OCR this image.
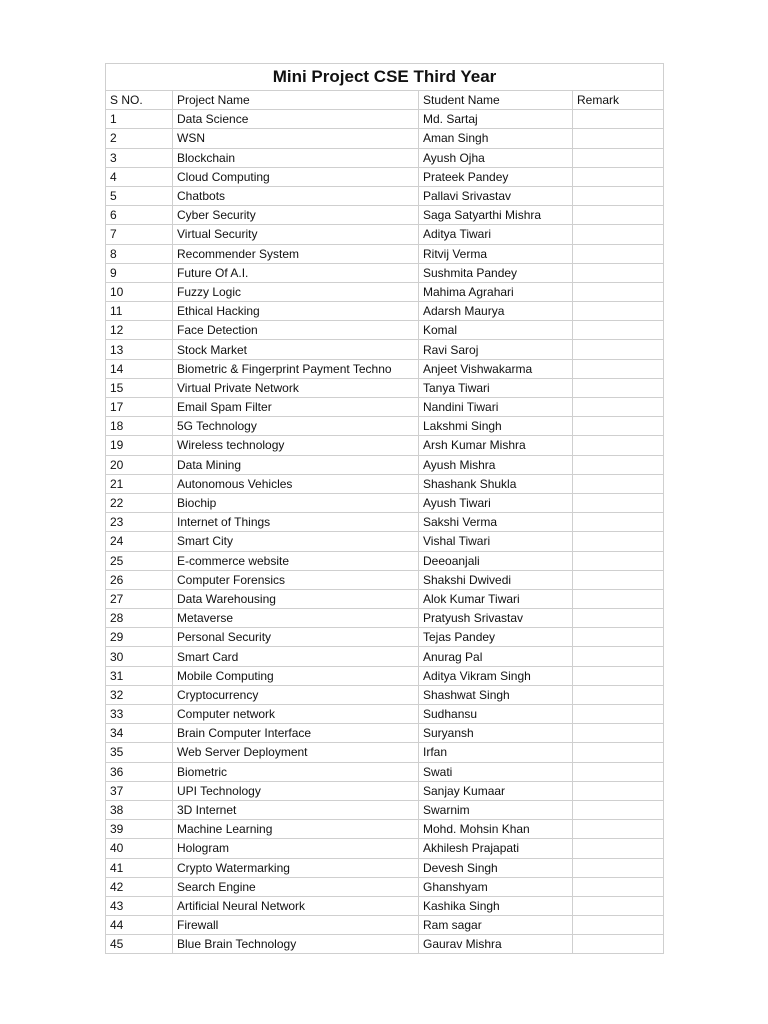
Mini Project CSE Third Year			
S NO.	Project Name	Student Name	Remark
1	Data Science	Md. Sartaj	
2	WSN	Aman Singh	
3	Blockchain	Ayush Ojha	
4	Cloud Computing	Prateek Pandey	
5	Chatbots	Pallavi Srivastav	
6	Cyber Security	Saga Satyarthi Mishra	
7	Virtual Security	Aditya Tiwari	
8	Recommender System	Ritvij Verma	
9	Future Of A.I.	Sushmita Pandey	
10	Fuzzy Logic	Mahima Agrahari	
11	Ethical Hacking	Adarsh Maurya	
12	Face Detection	Komal	
13	Stock Market	Ravi Saroj	
14	Biometric & Fingerprint Payment Techno	Anjeet Vishwakarma	
15	Virtual Private Network	Tanya Tiwari	
17	Email Spam Filter	Nandini Tiwari	
18	5G Technology	Lakshmi Singh	
19	Wireless technology	Arsh Kumar Mishra	
20	Data Mining	Ayush Mishra	
21	Autonomous Vehicles	Shashank Shukla	
22	Biochip	Ayush Tiwari	
23	Internet of Things	Sakshi Verma	
24	Smart City	Vishal Tiwari	
25	E-commerce website	Deeoanjali	
26	Computer Forensics	Shakshi Dwivedi	
27	Data Warehousing	Alok Kumar Tiwari	
28	Metaverse	Pratyush Srivastav	
29	Personal Security	Tejas Pandey	
30	Smart Card	Anurag Pal	
31	Mobile Computing	Aditya Vikram Singh	
32	Cryptocurrency	Shashwat Singh	
33	Computer network	Sudhansu	
34	Brain Computer Interface	Suryansh	
35	Web Server Deployment	Irfan	
36	Biometric	Swati	
37	UPI Technology	Sanjay Kumaar	
38	3D Internet	Swarnim	
39	Machine Learning	Mohd. Mohsin Khan	
40	Hologram	Akhilesh Prajapati	
41	Crypto Watermarking	Devesh Singh	
42	Search Engine	Ghanshyam	
43	Artificial Neural Network	Kashika Singh	
44	Firewall	Ram sagar	
45	Blue Brain Technology	Gaurav Mishra	
